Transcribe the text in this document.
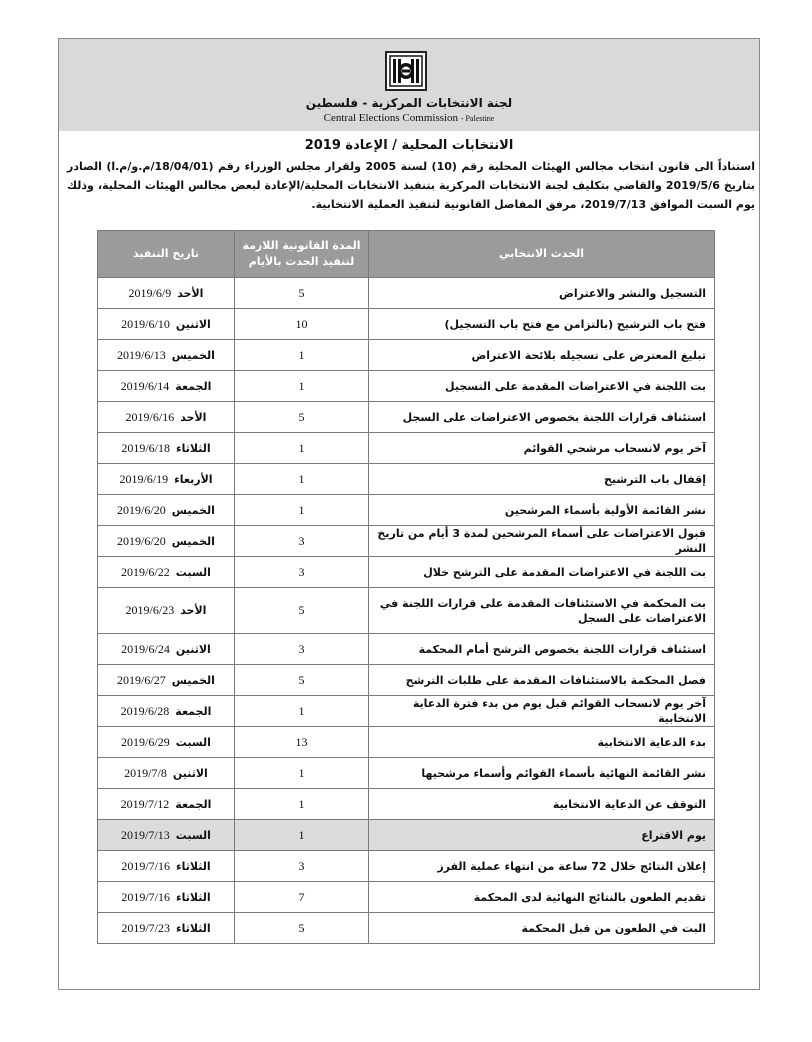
لجنة الانتخابات المركزية - فلسطين
Central Elections Commission - Palestine
الانتخابات المحلية / الإعادة 2019
استناداً الى قانون انتخاب مجالس الهيئات المحلية رقم (10) لسنة 2005 ولقرار مجلس الوزراء رقم (18/04/01/م.و/م.ا) الصادر بتاريخ 2019/5/6 والقاضي بتكليف لجنة الانتخابات المركزية بتنفيذ الانتخابات المحلية/الإعادة لبعض مجالس الهيئات المحلية، وذلك يوم السبت الموافق 2019/7/13، مرفق المفاصل القانونية لتنفيذ العملية الانتخابية.
الحدث الانتخابي	المدة القانونية اللازمة لتنفيذ الحدث بالأيام	تاريخ التنفيذ
التسجيل والنشر والاعتراض	5	الأحد2019/6/9
فتح باب الترشيح (بالتزامن مع فتح باب التسجيل)	10	الاثنين2019/6/10
تبليغ المعترض على تسجيله بلائحة الاعتراض	1	الخميس2019/6/13
بت اللجنة في الاعتراضات المقدمة على التسجيل	1	الجمعة2019/6/14
استئناف قرارات اللجنة بخصوص الاعتراضات على السجل	5	الأحد2019/6/16
آخر يوم لانسحاب مرشحي القوائم	1	الثلاثاء2019/6/18
إقفال باب الترشيح	1	الأربعاء2019/6/19
نشر القائمة الأولية بأسماء المرشحين	1	الخميس2019/6/20
قبول الاعتراضات على أسماء المرشحين لمدة 3 أيام من تاريخ النشر	3	الخميس2019/6/20
بت اللجنة في الاعتراضات المقدمة على الترشح خلال	3	السبت2019/6/22
بت المحكمة في الاستئنافات المقدمة على قرارات اللجنة في الاعتراضات على السجل	5	الأحد2019/6/23
استئناف قرارات اللجنة بخصوص الترشح أمام المحكمة	3	الاثنين2019/6/24
فصل المحكمة بالاستئنافات المقدمة على طلبات الترشح	5	الخميس2019/6/27
آخر يوم لانسحاب القوائم قبل يوم من بدء فترة الدعاية الانتخابية	1	الجمعة2019/6/28
بدء الدعاية الانتخابية	13	السبت2019/6/29
نشر القائمة النهائية بأسماء القوائم وأسماء مرشحيها	1	الاثنين2019/7/8
التوقف عن الدعاية الانتخابية	1	الجمعة2019/7/12
يوم الاقتراع	1	السبت2019/7/13
إعلان النتائج خلال 72 ساعة من انتهاء عملية الفرز	3	الثلاثاء2019/7/16
تقديم الطعون بالنتائج النهائية لدى المحكمة	7	الثلاثاء2019/7/16
البت في الطعون من قبل المحكمة	5	الثلاثاء2019/7/23
